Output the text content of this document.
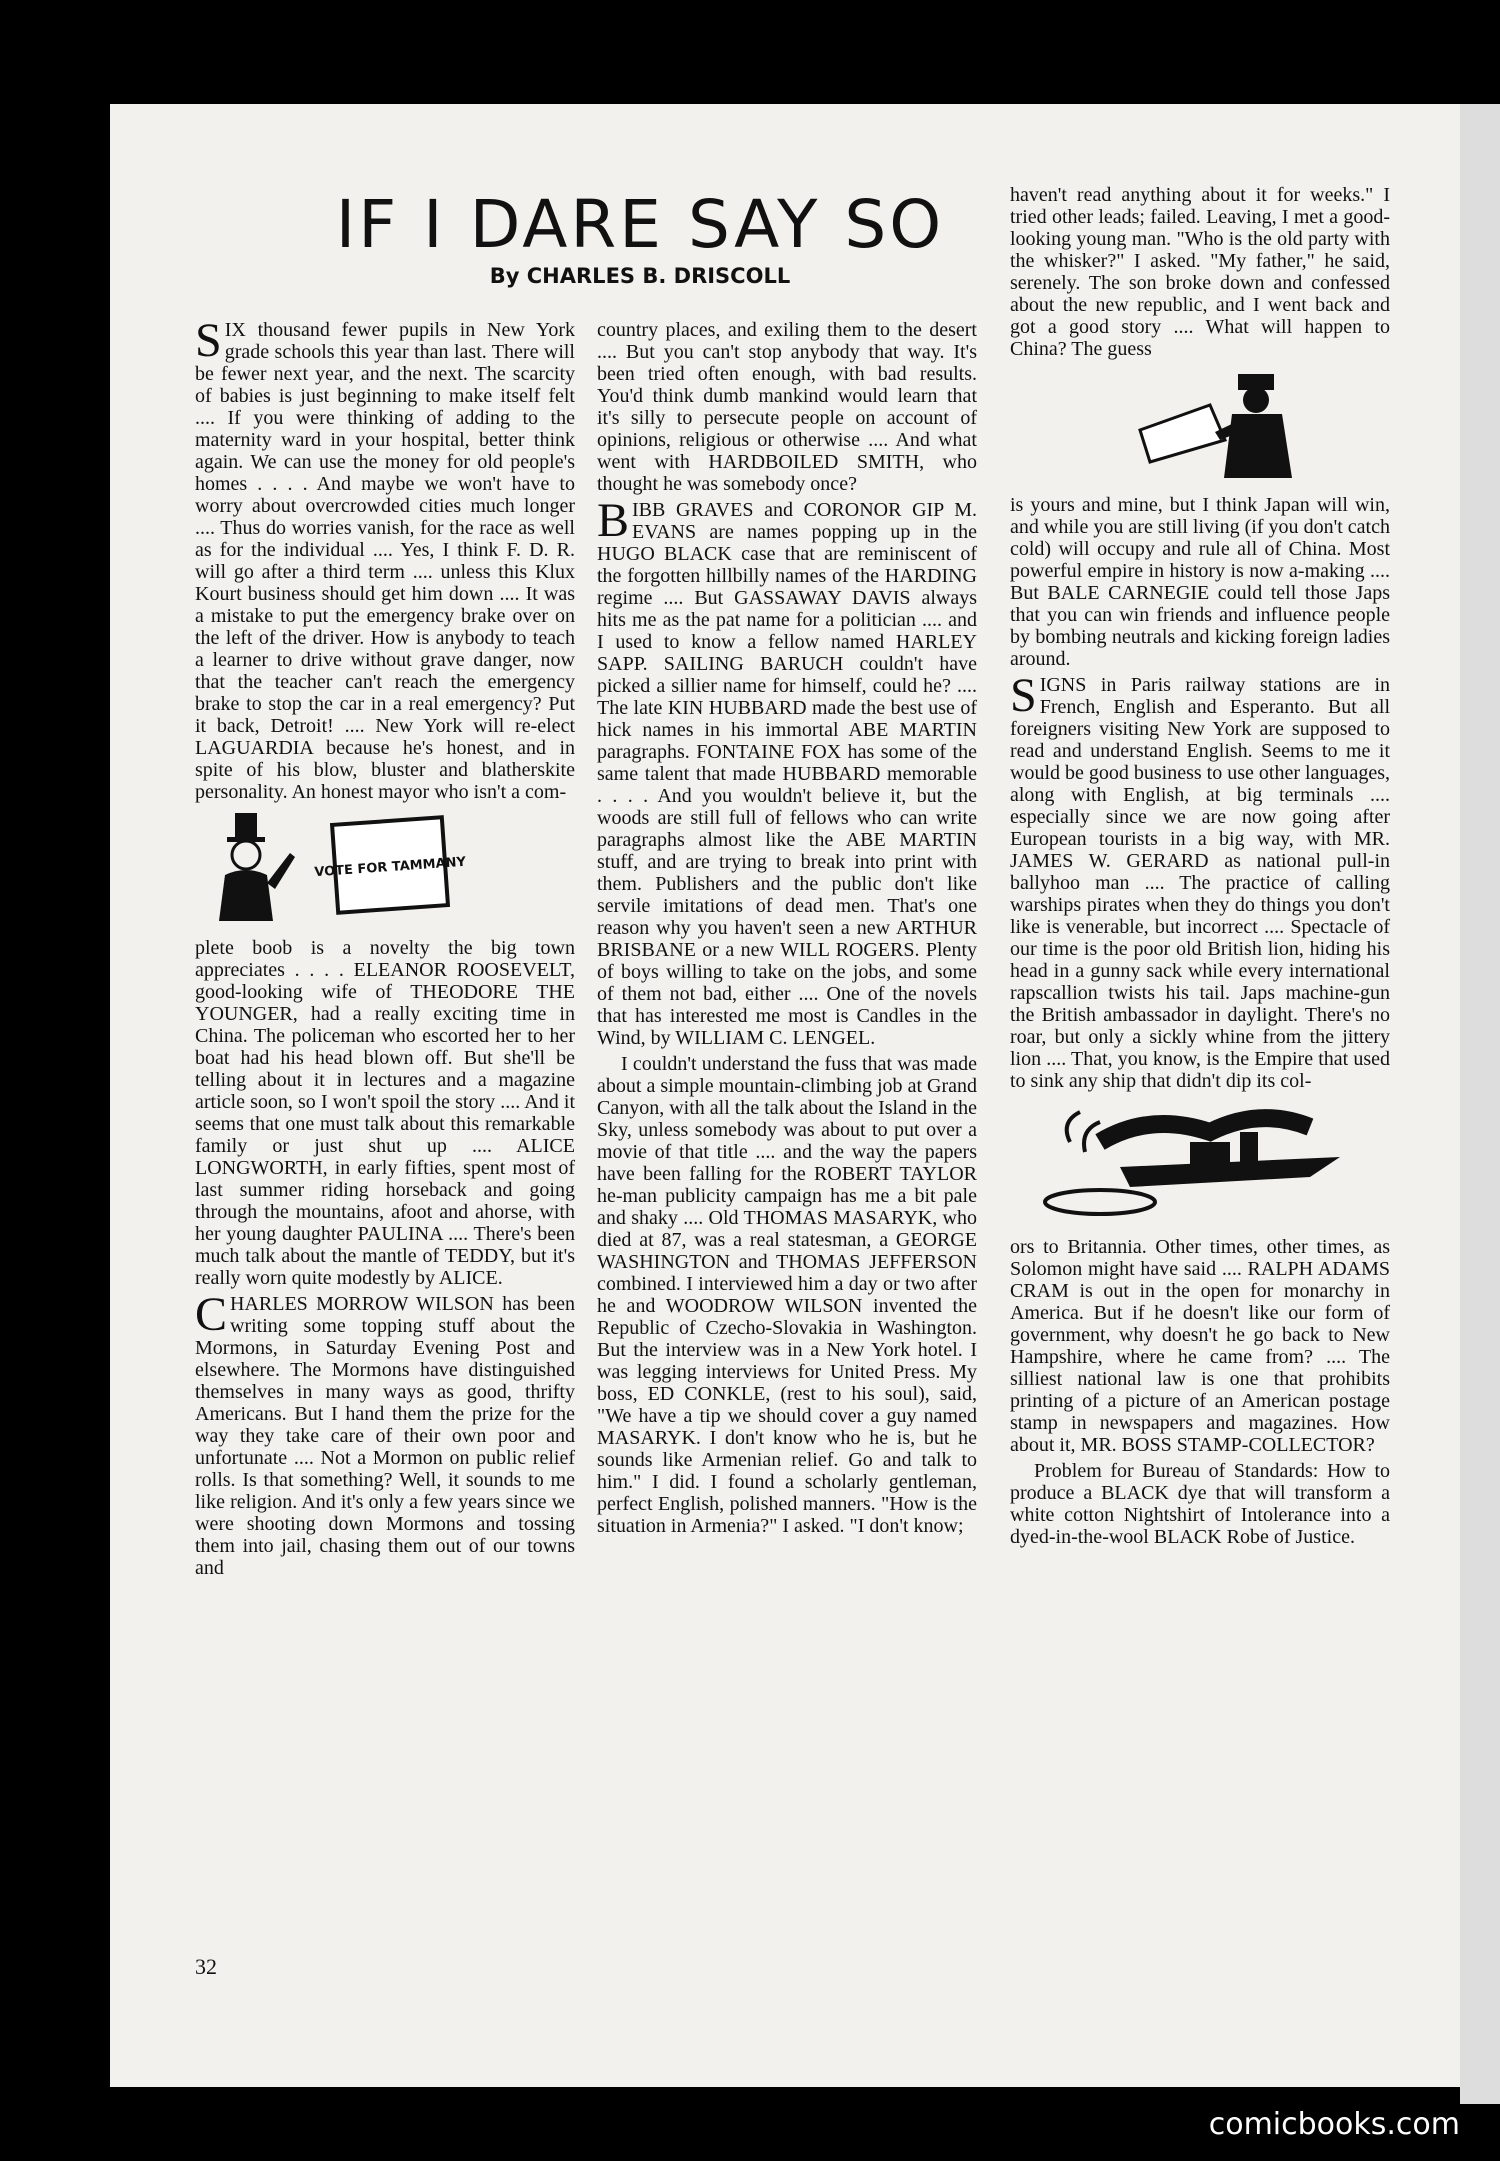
IF I DARE SAY SO
By CHARLES B. DRISCOLL

SIX thousand fewer pupils in New York grade schools this year than last. There will be fewer next year, and the next. The scarcity of babies is just beginning to make itself felt .... If you were thinking of adding to the maternity ward in your hospital, better think again. We can use the money for old people's homes . . . . And maybe we won't have to worry about overcrowded cities much longer .... Thus do worries vanish, for the race as well as for the individual .... Yes, I think F. D. R. will go after a third term .... unless this Klux Kourt business should get him down .... It was a mistake to put the emergency brake over on the left of the driver. How is anybody to teach a learner to drive without grave danger, now that the teacher can't reach the emergency brake to stop the car in a real emergency? Put it back, Detroit! .... New York will re-elect LAGUARDIA because he's honest, and in spite of his blow, bluster and blatherskite personality. An honest mayor who isn't a com-

VOTE FOR TAMMANY

plete boob is a novelty the big town appreciates . . . . ELEANOR ROOSEVELT, good-looking wife of THEODORE THE YOUNGER, had a really exciting time in China. The policeman who escorted her to her boat had his head blown off. But she'll be telling about it in lectures and a magazine article soon, so I won't spoil the story .... And it seems that one must talk about this remarkable family or just shut up .... ALICE LONGWORTH, in early fifties, spent most of last summer riding horseback and going through the mountains, afoot and ahorse, with her young daughter PAULINA .... There's been much talk about the mantle of TEDDY, but it's really worn quite modestly by ALICE.

CHARLES MORROW WILSON has been writing some topping stuff about the Mormons, in Saturday Evening Post and elsewhere. The Mormons have distinguished themselves in many ways as good, thrifty Americans. But I hand them the prize for the way they take care of their own poor and unfortunate .... Not a Mormon on public relief rolls. Is that something? Well, it sounds to me like religion. And it's only a few years since we were shooting down Mormons and tossing them into jail, chasing them out of our towns and

country places, and exiling them to the desert .... But you can't stop anybody that way. It's been tried often enough, with bad results. You'd think dumb mankind would learn that it's silly to persecute people on account of opinions, religious or otherwise .... And what went with HARDBOILED SMITH, who thought he was somebody once?

BIBB GRAVES and CORONOR GIP M. EVANS are names popping up in the HUGO BLACK case that are reminiscent of the forgotten hillbilly names of the HARDING regime .... But GASSAWAY DAVIS always hits me as the pat name for a politician .... and I used to know a fellow named HARLEY SAPP. SAILING BARUCH couldn't have picked a sillier name for himself, could he? .... The late KIN HUBBARD made the best use of hick names in his immortal ABE MARTIN paragraphs. FONTAINE FOX has some of the same talent that made HUBBARD memorable . . . . And you wouldn't believe it, but the woods are still full of fellows who can write paragraphs almost like the ABE MARTIN stuff, and are trying to break into print with them. Publishers and the public don't like servile imitations of dead men. That's one reason why you haven't seen a new ARTHUR BRISBANE or a new WILL ROGERS. Plenty of boys willing to take on the jobs, and some of them not bad, either .... One of the novels that has interested me most is Candles in the Wind, by WILLIAM C. LENGEL.

I couldn't understand the fuss that was made about a simple mountain-climbing job at Grand Canyon, with all the talk about the Island in the Sky, unless somebody was about to put over a movie of that title .... and the way the papers have been falling for the ROBERT TAYLOR he-man publicity campaign has me a bit pale and shaky .... Old THOMAS MASARYK, who died at 87, was a real statesman, a GEORGE WASHINGTON and THOMAS JEFFERSON combined. I interviewed him a day or two after he and WOODROW WILSON invented the Republic of Czecho-Slovakia in Washington. But the interview was in a New York hotel. I was legging interviews for United Press. My boss, ED CONKLE, (rest to his soul), said, "We have a tip we should cover a guy named MASARYK. I don't know who he is, but he sounds like Armenian relief. Go and talk to him." I did. I found a scholarly gentleman, perfect English, polished manners. "How is the situation in Armenia?" I asked. "I don't know;

haven't read anything about it for weeks." I tried other leads; failed. Leaving, I met a good-looking young man. "Who is the old party with the whisker?" I asked. "My father," he said, serenely. The son broke down and confessed about the new republic, and I went back and got a good story .... What will happen to China? The guess

is yours and mine, but I think Japan will win, and while you are still living (if you don't catch cold) will occupy and rule all of China. Most powerful empire in history is now a-making .... But BALE CARNEGIE could tell those Japs that you can win friends and influence people by bombing neutrals and kicking foreign ladies around.

SIGNS in Paris railway stations are in French, English and Esperanto. But all foreigners visiting New York are supposed to read and understand English. Seems to me it would be good business to use other languages, along with English, at big terminals .... especially since we are now going after European tourists in a big way, with MR. JAMES W. GERARD as national pull-in ballyhoo man .... The practice of calling warships pirates when they do things you don't like is venerable, but incorrect .... Spectacle of our time is the poor old British lion, hiding his head in a gunny sack while every international rapscallion twists his tail. Japs machine-gun the British ambassador in daylight. There's no roar, but only a sickly whine from the jittery lion .... That, you know, is the Empire that used to sink any ship that didn't dip its col-

ors to Britannia. Other times, other times, as Solomon might have said .... RALPH ADAMS CRAM is out in the open for monarchy in America. But if he doesn't like our form of government, why doesn't he go back to New Hampshire, where he came from? .... The silliest national law is one that prohibits printing of a picture of an American postage stamp in newspapers and magazines. How about it, MR. BOSS STAMP-COLLECTOR?

Problem for Bureau of Standards: How to produce a BLACK dye that will transform a white cotton Nightshirt of Intolerance into a dyed-in-the-wool BLACK Robe of Justice.

32
comicbooks.com
